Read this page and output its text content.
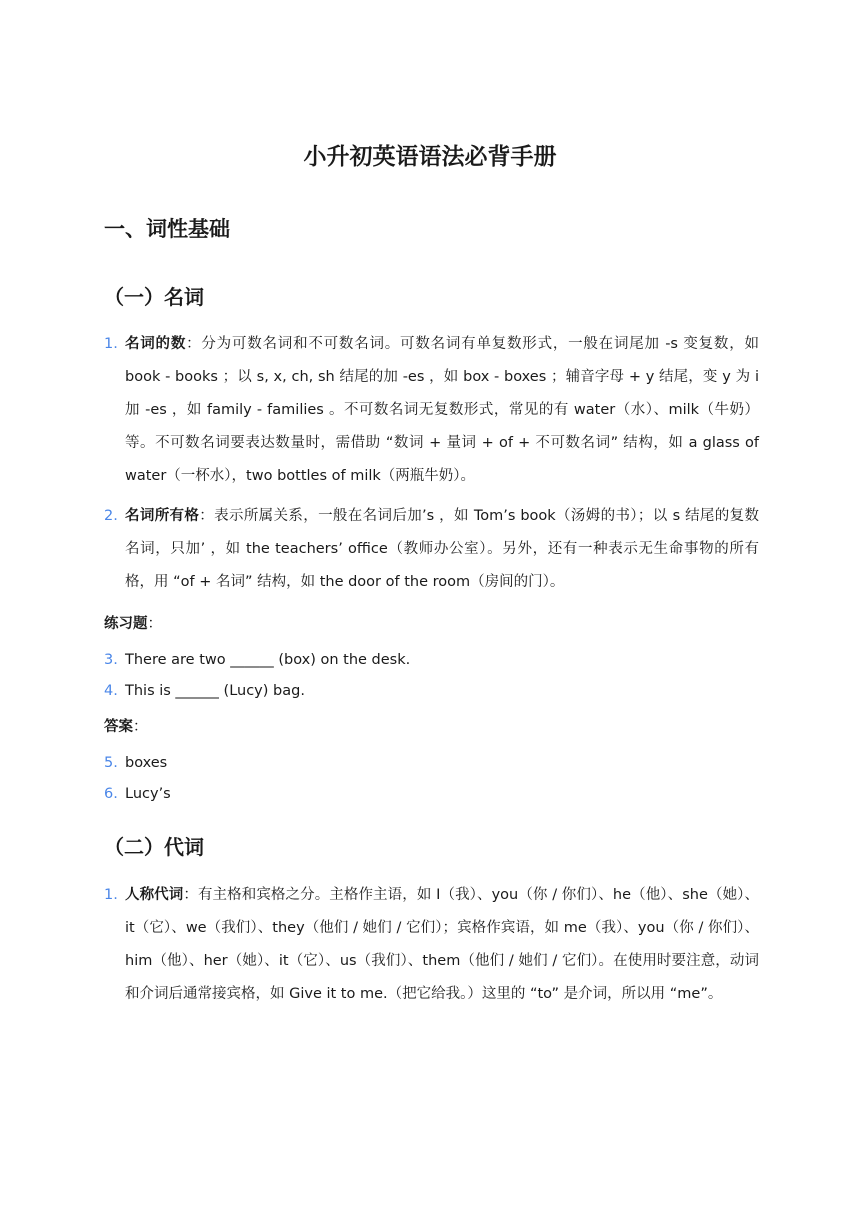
小升初英语语法必背手册
一、词性基础
（一）名词
1. 名词的数：分为可数名词和不可数名词。可数名词有单复数形式，一般在词尾加 -s 变复数，如 book - books ；以 s, x, ch, sh 结尾的加 -es ，如 box - boxes ；辅音字母 + y 结尾，变 y 为 i 加 -es ，如 family - families 。不可数名词无复数形式，常见的有 water（水）、milk（牛奶）等。不可数名词要表达数量时，需借助 “数词 + 量词 + of + 不可数名词” 结构，如 a glass of water（一杯水），two bottles of milk（两瓶牛奶）。
2. 名词所有格：表示所属关系，一般在名词后加’s ，如 Tom’s book（汤姆的书）；以 s 结尾的复数名词，只加’ ，如 the teachers’ office（教师办公室）。另外，还有一种表示无生命事物的所有格，用 “of + 名词” 结构，如 the door of the room（房间的门）。

练习题：

3. There are two ______ (box) on the desk.

4. This is ______ (Lucy) bag.

答案：

5. boxes

6. Lucy’s

（二）代词
1. 人称代词：有主格和宾格之分。主格作主语，如 I（我）、you（你 / 你们）、he（他）、she（她）、it（它）、we（我们）、they（他们 / 她们 / 它们）；宾格作宾语，如 me（我）、you（你 / 你们）、him（他）、her（她）、it（它）、us（我们）、them（他们 / 她们 / 它们）。在使用时要注意，动词和介词后通常接宾格，如 Give it to me.（把它给我。）这里的 “to” 是介词，所以用 “me”。
